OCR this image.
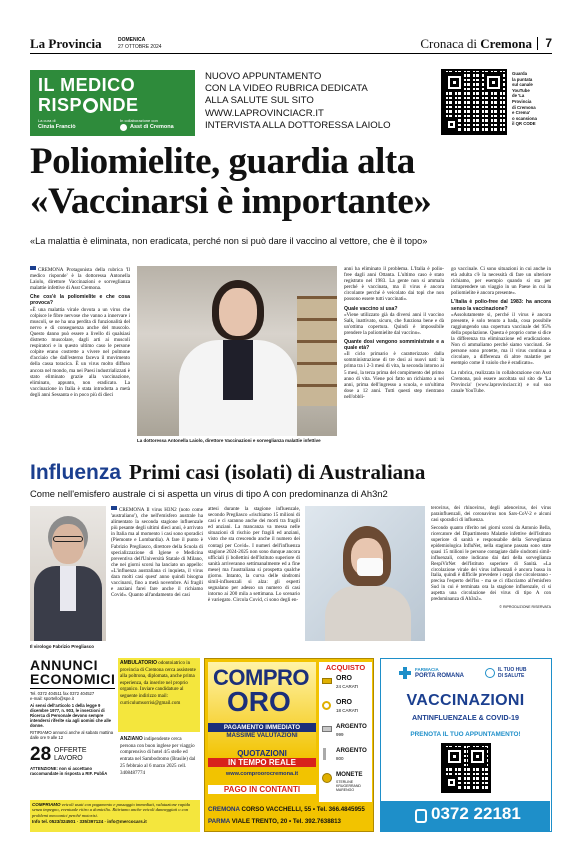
La Provincia	DOMENICA
27 OTTOBRE 2024	Cronaca di Cremona 7
IL MEDICO
RISP NDE
La cura di
Cinzia Franciò
In collaborazione con
Asst di Cremona
NUOVO APPUNTAMENTO
CON LA VIDEO RUBRICA DEDICATA
ALLA SALUTE SUL SITO
WWW.LAPROVINCIACR.IT
INTERVISTA ALLA DOTTORESSA LAIOLO
Guarda
la puntata
sul canale
YouTube
de 'La
Provincia
di Cremona
e Crema'
o scansiona
il QR CODE
Poliomielite, guardia alta
«Vaccinarsi è importante»
«La malattia è eliminata, non eradicata, perché non si può dare il vaccino al vettore, che è il topo»
CREMONA Protagonista della rubrica 'Il medico risponde' è la dottoressa Antonella Laiolo, direttore Vaccinazioni e sorveglianza malattie infettive di Asst Cremona.
Che cos'è la poliomielite e che cosa provoca?
«È una malattia virale dovuta a un virus che colpisce le fibre nervose che vanno a innervare i muscoli, se ne ha una perdita di funzionalità del nervo e di conseguenza anche del muscolo. Questo danno può essere a livello di qualsiasi distretto muscolare, dagli arti ai muscoli respiratori e in questo ultimo caso le persone colpite erano costrette a vivere nel polmone d'acciaio che dall'esterno faceva il movimento della cassa toracica. È un virus molto diffuso ancora nel mondo, ma nei Paesi industrializzati è stato eliminato grazie alla vaccinazione, eliminato, appunto, non eradicato. La vaccinazione in Italia è stata introdotta a metà degli anni Sessanta e in poco più di dieci
La dottoressa Antonella Laiolo, direttore Vaccinazioni e sorveglianza malattie infettive
anni ha eliminato il problema. L'Italia è polio-free dagli anni Ottanta. L'ultimo caso è stato registrato nel 1983. La gente non si ammala perché è vaccinata, ma il virus è ancora circolante perché è veicolato dai topi che non possono essere tutti vaccinati».
Quale vaccino si usa?
«Viene utilizzato già da diversi anni il vaccino Salk, inattivato, sicuro, che funziona bene e dà un'ottima copertura. Quindi è impossibile prendere la poliomielite dal vaccino».
Quante dosi vengono somministrate e a quale età?
«Il ciclo primario è caratterizzato dalla somministrazione di tre dosi ai nuovi nati: la prima tra i 2-3 mesi di vita, la seconda intorno ai 5 mesi, la terza prima del compimento del primo anno di vita. Viene poi fatto un richiamo a sei anni, prima dell'ingresso a scuola, e un'ultima dose a 12 anni. Tutti questi step rientrano nell'obbli-
go vaccinale. Ci sono situazioni in cui anche in età adulta c'è la necessità di fare un ulteriore richiamo, per esempio quando si sta per intraprendere un viaggio in un Paese in cui la poliomielite è ancora presente».
L'Italia è polio-free dal 1983: ha ancora senso la vaccinazione?
«Assolutamente sì, perché il virus è ancora presente, è solo tenuto a bada, cosa possibile raggiungendo una copertura vaccinale del 95% della popolazione. Questa è proprio come si dice la differenza tra eliminazione ed eradicazione. Non ci ammaliamo perché siamo vaccinati. Se persone sono protette, ma il virus continua a circolare, a differenza di altre malattie per esempio come il vaiolo che è eradicato».
La rubrica, realizzata in collaborazione con Asst Cremona, può essere ascoltata sul sito de 'La Provincia' (www.laprovinciacr.it) e sul suo canale YouTube.
Influenza Primi casi (isolati) di Australiana
Come nell'emisfero australe ci si aspetta un virus di tipo A con predominanza di Ah3n2
Il virologo Fabrizio Pregliasco
CREMONA Il virus H3N2 (noto come 'australiano'), che nell'emisfero australe ha alimentato la seconda stagione influenzale più pesante degli ultimi dieci anni, è arrivato in Italia ma al momento i casi sono sporadici (Piemonte e Lombardia). A fare il punto è Fabrizio Pregliasco, direttore della Scuola di specializzazione di Igiene e Medicina preventiva dell'Università Statale di Milano, che nei giorni scorsi ha lanciato un appello: «L'influenza australiana ci inquieta, il virus dara molti casi quest' anno quindi bisogna vaccinarsi, fino a metà novembre. Ai fragili e anziani farei fare anche il richiamo Covid». Quanto all'andamento dei casi
attesi durante la stagione influenzale, secondo Pregliasco «rischiamo 15 milioni di casi e ci saranno anche dei morti tra fragili ed anziani. La mancanza va messa nelle situazioni di rischio per fragili ed anziani, visto che sta crescendo anche il numero dei contagi per Covid». I numeri dell'influenza stagione 2024-2025 non sono dunque ancora ufficiali (i bollettini dell'Istituto superiore di sanità arriveranno settimanalmente ed a fine mese) ma l'australiana si prospetta qualche giorno. Intanto, la curva delle sindromi simil-influenzali si alza: gli esperti segnalano per adesso un numero di casi intorno ai 200 mila a settimana. Lo scenario è variegato. Circola Covid, ci sono degli en-
terovirus, dei rhinovirus, degli adenovirus, dei virus parainfluenzali, dei coronavirus non Sars-CoV-2 e alcuni casi sporadici di influenza.
Secondo quanto riferito nei giorni scorsi da Antonio Bella, ricercatore del Dipartimento Malattie infettive dell'Istituto superiore di sanità e responsabile della Sorveglianza epidemiologica InfluNet, nella stagione passata sono state quasi 15 milioni le persone contagiate dalle sindromi simil-influenzali, come indicano dai dati della sorveglianza RespiVirNet dell'Istituto superiore di Sanità. «La circolazione virale dei virus influenzali è ancora bassa in Italia, quindi è difficile prevedere i ceppi che circoleranno - precisa l'esperto dell'Iss - ma se ci rifacciamo all'emisfero Sud in cui è terminata ora la stagione influenzale, ci si aspetta una circolazione dei virus di tipo A con predominanza di Ah3n2».
© RIPRODUZIONE RISERVATA
ANNUNCI
ECONOMICI
Tel. 0372 404511 fax 0372 404527
e-mail: sportello@spe.it
Ai sensi dell'articolo 1 della legge 9 dicembre 1977, n. 903, le inserzioni di Ricerca di Personale devono sempre intendersi riferite sia agli uomini che alle donne.
RITIRIAMO annunci anche al sabato mattina dalle ore 9 alle 12
28 OFFERTE
LAVORO
ATTENZIONE: non si accettano raccomandate in risposta a RIF. PubliA
AMBULATORIO odontoiatrico in provincia di Cremona cerca assistente alla poltrona, diplomata, anche prima esperienza, da inserire nel proprio organico. Inviare candidature al seguente indirizzo mail: curriculumsorrisi@gmail.com
ANZIANO indipendente cerca persona con buon inglese per viaggio comprensivo di hotel 4/5 stelle ed entrata nel Sambodromo (Brasile) dal 25 febbraio al 6 marzo 2025 cell. 3408487774
COMPRIAMO veicoli usati con pagamento e passaggio immediati, valutazione rapida senza impegno, eventuale ritiro a domicilio. Ritiriamo anche veicoli danneggiati o con problemi meccanici perché motorisi.
Info tel. 0523/324501 · 335/397124 · info@mercocars.it
COMPRO
ORO
PAGAMENTO IMMEDIATO
MASSIME VALUTAZIONI
QUOTAZIONI
IN TEMPO REALE
www.comproorocremona.it
PAGO IN CONTANTI
ACQUISTO
ORO
24 CARATI
ORO
18 CARATI
ARGENTO
999
ARGENTO
800
MONETE
STERLINE KRUGERRAND MARENGO
CREMONA CORSO VACCHELLI, 55 • Tel. 366.4845955
PARMA VIALE TRENTO, 20 • Tel. 392.7638813
FARMACIA
PORTA ROMANA
IL TUO HUB
DI SALUTE
VACCINAZIONI
ANTINFLUENZALE & COVID-19
PRENOTA IL TUO APPUNTAMENTO!
0372 22181
